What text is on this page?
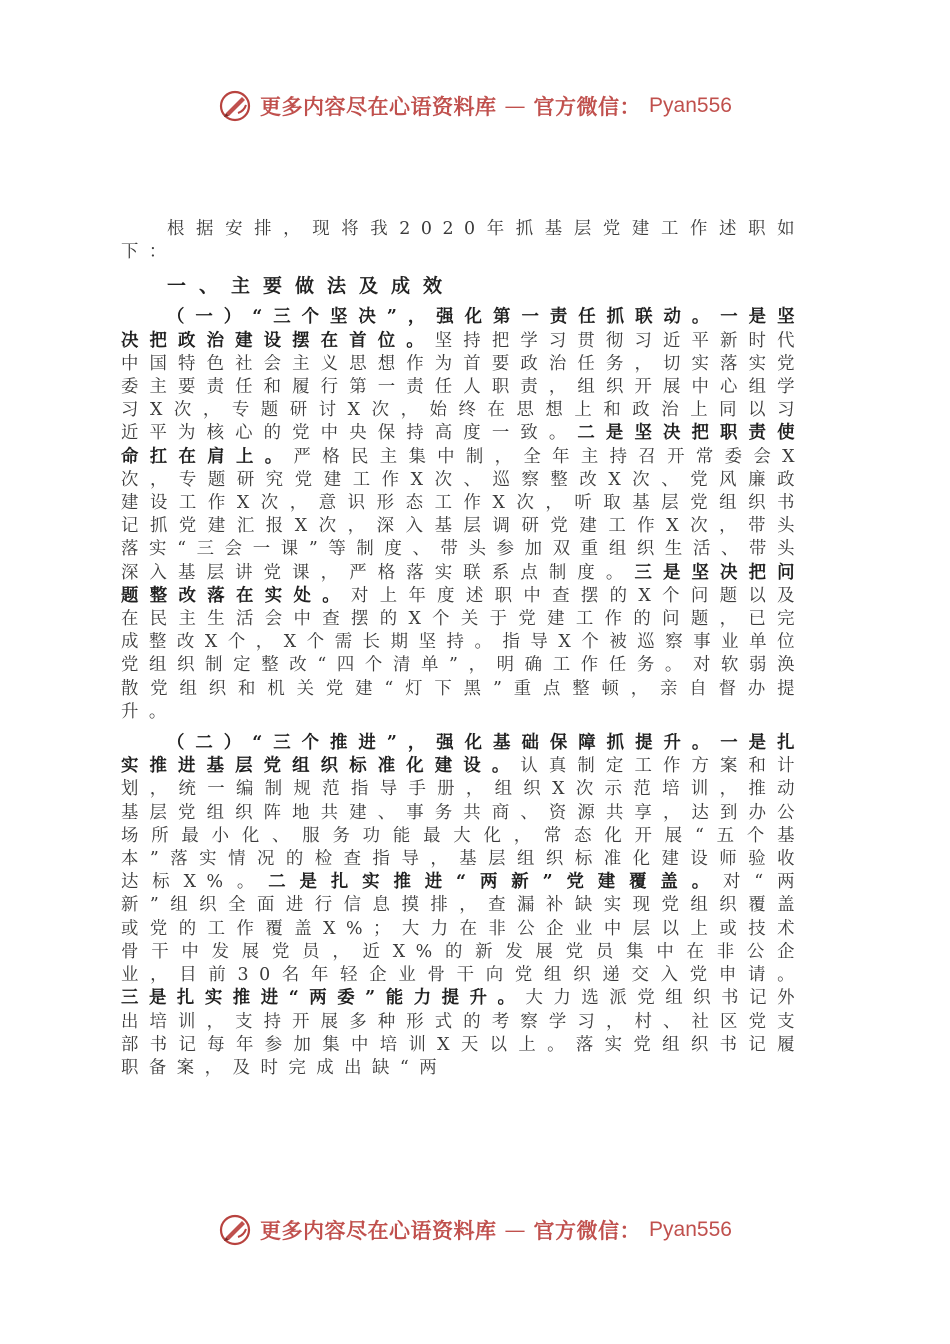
更多内容尽在心语资料库 — 官方微信： Pyan556

根据安排，现将我2020年抓基层党建工作述职如下：

一、主要做法及成效

（一）“三个坚决”，强化第一责任抓联动。一是坚决把政治建设摆在首位。坚持把学习贯彻习近平新时代中国特色社会主义思想作为首要政治任务，切实落实党委主要责任和履行第一责任人职责，组织开展中心组学习X次，专题研讨X次，始终在思想上和政治上同以习近平为核心的党中央保持高度一致。二是坚决把职责使命扛在肩上。严格民主集中制，全年主持召开常委会X次，专题研究党建工作X次、巡察整改X次、党风廉政建设工作X次，意识形态工作X次，听取基层党组织书记抓党建汇报X次，深入基层调研党建工作X次，带头落实“三会一课”等制度、带头参加双重组织生活、带头深入基层讲党课，严格落实联系点制度。三是坚决把问题整改落在实处。对上年度述职中查摆的X个问题以及在民主生活会中查摆的X个关于党建工作的问题，已完成整改X个，X个需长期坚持。指导X个被巡察事业单位党组织制定整改“四个清单”，明确工作任务。对软弱涣散党组织和机关党建“灯下黑”重点整顿，亲自督办提升。

（二）“三个推进”，强化基础保障抓提升。一是扎实推进基层党组织标准化建设。认真制定工作方案和计划，统一编制规范指导手册，组织X次示范培训，推动基层党组织阵地共建、事务共商、资源共享，达到办公场所最小化、服务功能最大化，常态化开展“五个基本”落实情况的检查指导，基层组织标准化建设师验收达标X%。二是扎实推进“两新”党建覆盖。对“两新”组织全面进行信息摸排，查漏补缺实现党组织覆盖或党的工作覆盖X%；大力在非公企业中层以上或技术骨干中发展党员，近X%的新发展党员集中在非公企业，目前30名年轻企业骨干向党组织递交入党申请。三是扎实推进“两委”能力提升。大力选派党组织书记外出培训，支持开展多种形式的考察学习，村、社区党支部书记每年参加集中培训X天以上。落实党组织书记履职备案，及时完成出缺“两

更多内容尽在心语资料库 — 官方微信： Pyan556
